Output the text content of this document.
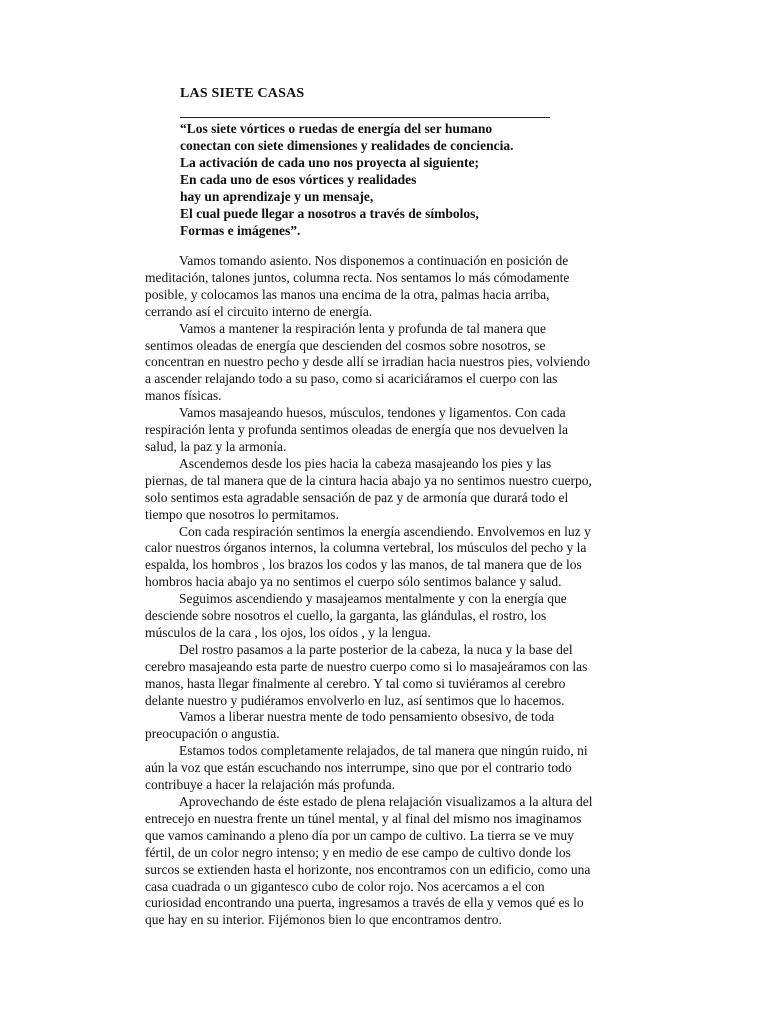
LAS SIETE CASAS
“Los siete vórtices o ruedas de energía del ser humano
conectan con siete dimensiones y realidades de conciencia.
La activación de cada uno nos proyecta al siguiente;
En cada uno de esos vórtices y realidades
hay un aprendizaje y un mensaje,
El cual puede llegar a nosotros a través de símbolos,
Formas e imágenes”.
Vamos tomando asiento. Nos disponemos a continuación en posición de
meditación, talones juntos, columna recta. Nos sentamos lo más cómodamente
posible, y colocamos las manos una encima de la otra, palmas hacia arriba,
cerrando así el circuito interno de energía.
Vamos a mantener la respiración lenta y profunda de tal manera que
sentimos oleadas de energía que descienden del cosmos sobre nosotros, se
concentran en nuestro pecho y desde allí se irradian hacia nuestros pies, volviendo
a ascender relajando todo a su paso, como si acariciáramos el cuerpo con las
manos físicas.
Vamos masajeando huesos, músculos, tendones y ligamentos. Con cada
respiración lenta y profunda sentimos oleadas de energía que nos devuelven la
salud, la paz y la armonía.
Ascendemos desde los pies hacia la cabeza masajeando los pies y las
piernas, de tal manera que de la cintura hacia abajo ya no sentimos nuestro cuerpo,
solo sentimos esta agradable sensación de paz y de armonía que durará todo el
tiempo que nosotros lo permitamos.
Con cada respiración sentimos la energía ascendiendo. Envolvemos en luz y
calor nuestros órganos internos, la columna vertebral, los músculos del pecho y la
espalda, los hombros , los brazos los codos y las manos, de tal manera que de los
hombros hacia abajo ya no sentimos el cuerpo sólo sentimos balance y salud.
Seguimos ascendiendo y masajeamos mentalmente y con la energía que
desciende sobre nosotros el cuello, la garganta, las glándulas, el rostro, los
músculos de la cara , los ojos, los oídos , y la lengua.
Del rostro pasamos a la parte posterior de la cabeza, la nuca y la base del
cerebro masajeando esta parte de nuestro cuerpo como si lo masajeáramos con las
manos, hasta llegar finalmente al cerebro. Y tal como si tuviéramos al cerebro
delante nuestro y pudiéramos envolverlo en luz, así sentimos que lo hacemos.
Vamos a liberar nuestra mente de todo pensamiento obsesivo, de toda
preocupación o angustia.
Estamos todos completamente relajados, de tal manera que ningún ruido, ni
aún la voz que están escuchando nos interrumpe, sino que por el contrario todo
contribuye a hacer la relajación más profunda.
Aprovechando de éste estado de plena relajación visualizamos a la altura del
entrecejo en nuestra frente un túnel mental, y al final del mismo nos imaginamos
que vamos caminando a pleno día por un campo de cultivo. La tierra se ve muy
fértil, de un color negro intenso; y en medio de ese campo de cultivo donde los
surcos se extienden hasta el horizonte, nos encontramos con un edificio, como una
casa cuadrada o un gigantesco cubo de color rojo. Nos acercamos a el con
curiosidad encontrando una puerta, ingresamos a través de ella y vemos qué es lo
que hay en su interior. Fijémonos bien lo que encontramos dentro.
